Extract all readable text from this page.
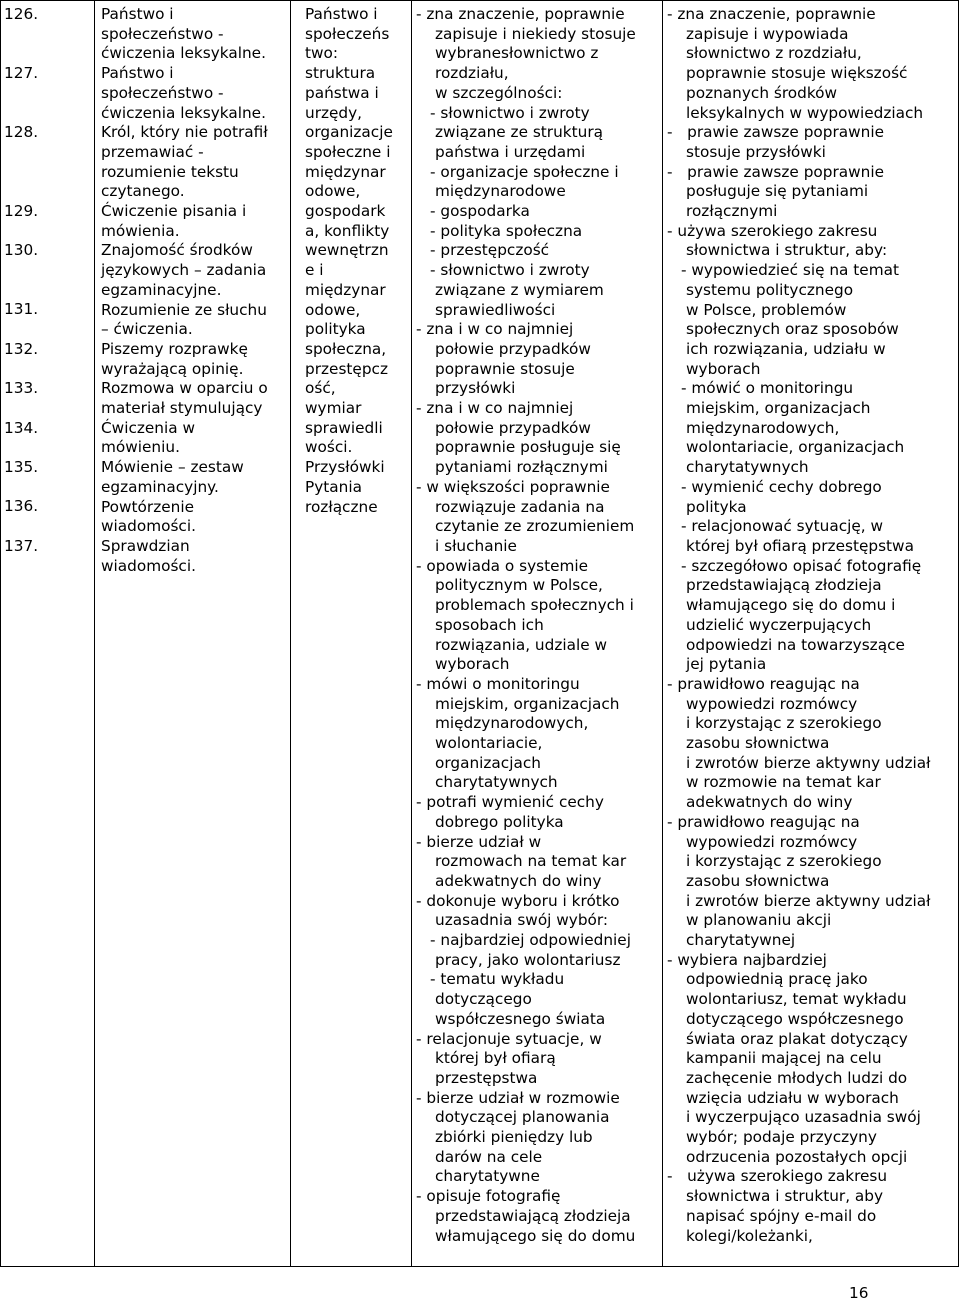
126.
127.
128.
129.
130.
131.
132.
133.
134.
135.
136.
137.
Państwo i
społeczeństwo -
ćwiczenia leksykalne.
Państwo i
społeczeństwo -
ćwiczenia leksykalne.
Król, który nie potrafił
przemawiać -
rozumienie tekstu
czytanego.
Ćwiczenie pisania i
mówienia.
Znajomość środków
językowych – zadania
egzaminacyjne.
Rozumienie ze słuchu
– ćwiczenia.
Piszemy rozprawkę
wyrażającą opinię.
Rozmowa w oparciu o
materiał stymulujący
Ćwiczenia w
mówieniu.
Mówienie – zestaw
egzaminacyjny.
Powtórzenie
wiadomości.
Sprawdzian
wiadomości.
Państwo i
społeczeńs
two:
struktura
państwa i
urzędy,
organizacje
społeczne i
międzynar
odowe,
gospodark
a, konflikty
wewnętrzn
e i
międzynar
odowe,
polityka
społeczna,
przestępcz
ość,
wymiar
sprawiedli
wości.
Przysłówki
Pytania
rozłączne
- zna znaczenie, poprawnie
zapisuje i niekiedy stosuje
wybranesłownictwo z
rozdziału,
w szczególności:
- słownictwo i zwroty
związane ze strukturą
państwa i urzędami
- organizacje społeczne i
międzynarodowe
- gospodarka
- polityka społeczna
- przestępczość
- słownictwo i zwroty
związane z wymiarem
sprawiedliwości
- zna i w co najmniej
połowie przypadków
poprawnie stosuje
przysłówki
- zna i w co najmniej
połowie przypadków
poprawnie posługuje się
pytaniami rozłącznymi
- w większości poprawnie
rozwiązuje zadania na
czytanie ze zrozumieniem
i słuchanie
- opowiada o systemie
politycznym w Polsce,
problemach społecznych i
sposobach ich
rozwiązania, udziale w
wyborach
- mówi o monitoringu
miejskim, organizacjach
międzynarodowych,
wolontariacie,
organizacjach
charytatywnych
- potrafi wymienić cechy
dobrego polityka
- bierze udział w
rozmowach na temat kar
adekwatnych do winy
- dokonuje wyboru i krótko
uzasadnia swój wybór:
- najbardziej odpowiedniej
pracy, jako wolontariusz
- tematu wykładu
dotyczącego
współczesnego świata
- relacjonuje sytuacje, w
której był ofiarą
przestępstwa
- bierze udział w rozmowie
dotyczącej planowania
zbiórki pieniędzy lub
darów na cele
charytatywne
- opisuje fotografię
przedstawiającą złodzieja
włamującego się do domu
- zna znaczenie, poprawnie
zapisuje i wypowiada
słownictwo z rozdziału,
poprawnie stosuje większość
poznanych środków
leksykalnych w wypowiedziach
-   prawie zawsze poprawnie
stosuje przysłówki
-   prawie zawsze poprawnie
posługuje się pytaniami
rozłącznymi
- używa szerokiego zakresu
słownictwa i struktur, aby:
- wypowiedzieć się na temat
systemu politycznego
w Polsce, problemów
społecznych oraz sposobów
ich rozwiązania, udziału w
wyborach
- mówić o monitoringu
miejskim, organizacjach
międzynarodowych,
wolontariacie, organizacjach
charytatywnych
- wymienić cechy dobrego
polityka
- relacjonować sytuację, w
której był ofiarą przestępstwa
- szczegółowo opisać fotografię
przedstawiającą złodzieja
włamującego się do domu i
udzielić wyczerpujących
odpowiedzi na towarzyszące
jej pytania
- prawidłowo reagując na
wypowiedzi rozmówcy
i korzystając z szerokiego
zasobu słownictwa
i zwrotów bierze aktywny udział
w rozmowie na temat kar
adekwatnych do winy
- prawidłowo reagując na
wypowiedzi rozmówcy
i korzystając z szerokiego
zasobu słownictwa
i zwrotów bierze aktywny udział
w planowaniu akcji
charytatywnej
- wybiera najbardziej
odpowiednią pracę jako
wolontariusz, temat wykładu
dotyczącego współczesnego
świata oraz plakat dotyczący
kampanii mającej na celu
zachęcenie młodych ludzi do
wzięcia udziału w wyborach
i wyczerpująco uzasadnia swój
wybór; podaje przyczyny
odrzucenia pozostałych opcji
-   używa szerokiego zakresu
słownictwa i struktur, aby
napisać spójny e-mail do
kolegi/koleżanki,
16
